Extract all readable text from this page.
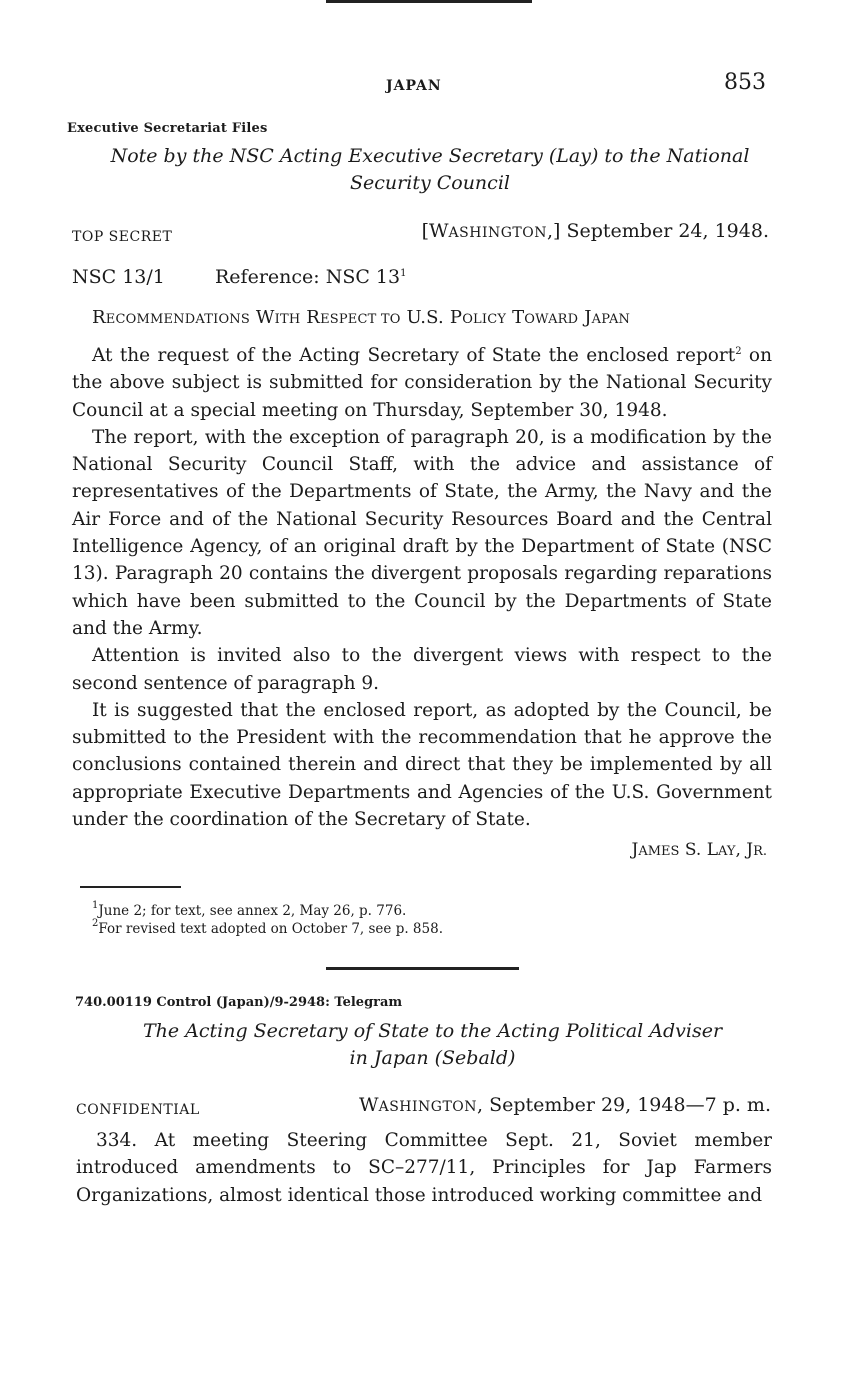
JAPAN	853
Executive Secretariat Files
Note by the NSC Acting Executive Secretary (Lay) to the National
Security Council
TOP SECRET	[WASHINGTON,] September 24, 1948.
NSC 13/1	Reference: NSC $13^1$
RECOMMENDATIONS WITH RESPECT TO U.S. POLICY TOWARD JAPAN

At the request of the Acting Secretary of State the enclosed report$^2$ on the above subject is submitted for consideration by the National Security Council at a special meeting on Thursday, September 30, 1948.

The report, with the exception of paragraph 20, is a modification by the National Security Council Staff, with the advice and assistance of representatives of the Departments of State, the Army, the Navy and the Air Force and of the National Security Resources Board and the Central Intelligence Agency, of an original draft by the Department of State (NSC 13). Paragraph 20 contains the divergent proposals regarding reparations which have been submitted to the Council by the Departments of State and the Army.

Attention is invited also to the divergent views with respect to the second sentence of paragraph 9.

It is suggested that the enclosed report, as adopted by the Council, be submitted to the President with the recommendation that he approve the conclusions contained therein and direct that they be implemented by all appropriate Executive Departments and Agencies of the U.S. Government under the coordination of the Secretary of State.

JAMES S. LAY, JR.
$^1$June 2; for text, see annex 2, May 26, p. 776.
$^2$For revised text adopted on October 7, see p. 858.
740.00119 Control (Japan)/9-2948: Telegram
The Acting Secretary of State to the Acting Political Adviser
in Japan (Sebald)
CONFIDENTIAL	WASHINGTON, September 29, 1948—7 p. m.

334. At meeting Steering Committee Sept. 21, Soviet member introduced amendments to SC–277/11, Principles for Jap Farmers Organizations, almost identical those introduced working committee and
